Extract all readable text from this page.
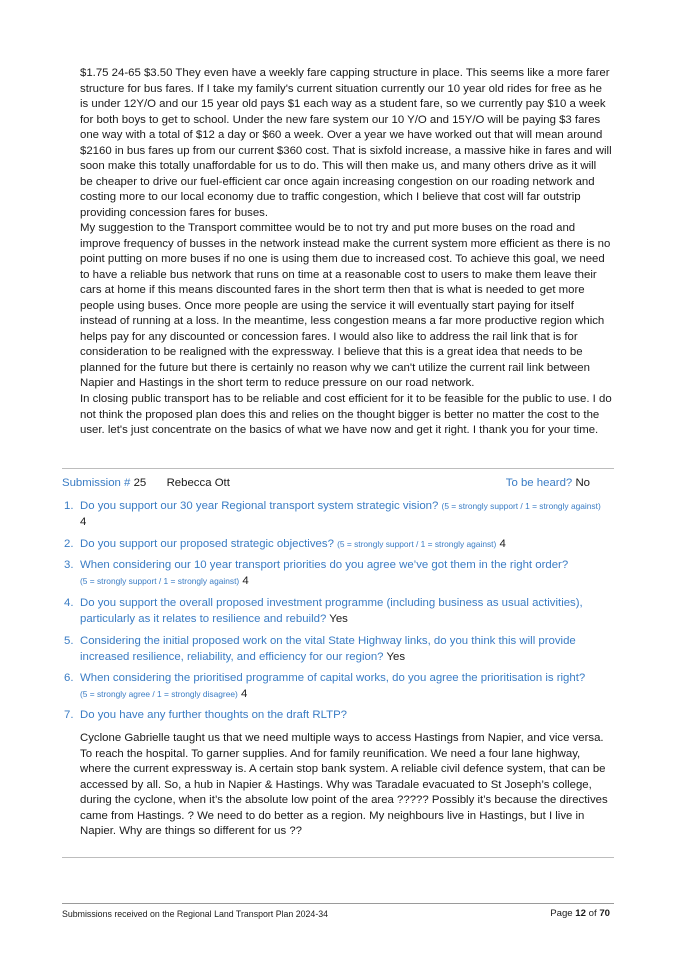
$1.75 24-65 $3.50 They even have a weekly fare capping structure in place. This seems like a more farer structure for bus fares. If I take my family's current situation currently our 10 year old rides for free as he is under 12Y/O and our 15 year old pays $1 each way as a student fare, so we currently pay $10 a week for both boys to get to school. Under the new fare system our 10 Y/O and 15Y/O will be paying $3 fares one way with a total of $12 a day or $60 a week. Over a year we have worked out that will mean around $2160 in bus fares up from our current $360 cost. That is sixfold increase, a massive hike in fares and will soon make this totally unaffordable for us to do. This will then make us, and many others drive as it will be cheaper to drive our fuel-efficient car once again increasing congestion on our roading network and costing more to our local economy due to traffic congestion, which I believe that cost will far outstrip providing concession fares for buses.

My suggestion to the Transport committee would be to not try and put more buses on the road and improve frequency of busses in the network instead make the current system more efficient as there is no point putting on more buses if no one is using them due to increased cost. To achieve this goal, we need to have a reliable bus network that runs on time at a reasonable cost to users to make them leave their cars at home if this means discounted fares in the short term then that is what is needed to get more people using buses. Once more people are using the service it will eventually start paying for itself instead of running at a loss. In the meantime, less congestion means a far more productive region which helps pay for any discounted or concession fares. I would also like to address the rail link that is for consideration to be realigned with the expressway. I believe that this is a great idea that needs to be planned for the future but there is certainly no reason why we can't utilize the current rail link between Napier and Hastings in the short term to reduce pressure on our road network.

In closing public transport has to be reliable and cost efficient for it to be feasible for the public to use. I do not think the proposed plan does this and relies on the thought bigger is better no matter the cost to the user. let's just concentrate on the basics of what we have now and get it right. I thank you for your time.

Submission # 25 Rebecca Ott	To be heard? No
1. Do you support our 30 year Regional transport system strategic vision? (5 = strongly support / 1 = strongly against) 4
2. Do you support our proposed strategic objectives? (5 = strongly support / 1 = strongly against) 4
3. When considering our 10 year transport priorities do you agree we’ve got them in the right order?
(5 = strongly support / 1 = strongly against) 4
4. Do you support the overall proposed investment programme (including business as usual activities), particularly as it relates to resilience and rebuild? Yes
5. Considering the initial proposed work on the vital State Highway links, do you think this will provide increased resilience, reliability, and efficiency for our region? Yes
6. When considering the prioritised programme of capital works, do you agree the prioritisation is right?
(5 = strongly agree / 1 = strongly disagree) 4
7. Do you have any further thoughts on the draft RLTP?

Cyclone Gabrielle taught us that we need multiple ways to access Hastings from Napier, and vice versa. To reach the hospital. To garner supplies. And for family reunification. We need a four lane highway, where the current expressway is. A certain stop bank system. A reliable civil defence system, that can be accessed by all. So, a hub in Napier & Hastings. Why was Taradale evacuated to St Joseph’s college, during the cyclone, when it’s the absolute low point of the area ????? Possibly it’s because the directives came from Hastings. ? We need to do better as a region. My neighbours live in Hastings, but I live in Napier. Why are things so different for us ??

Submissions received on the Regional Land Transport Plan 2024-34	Page 12 of 70
